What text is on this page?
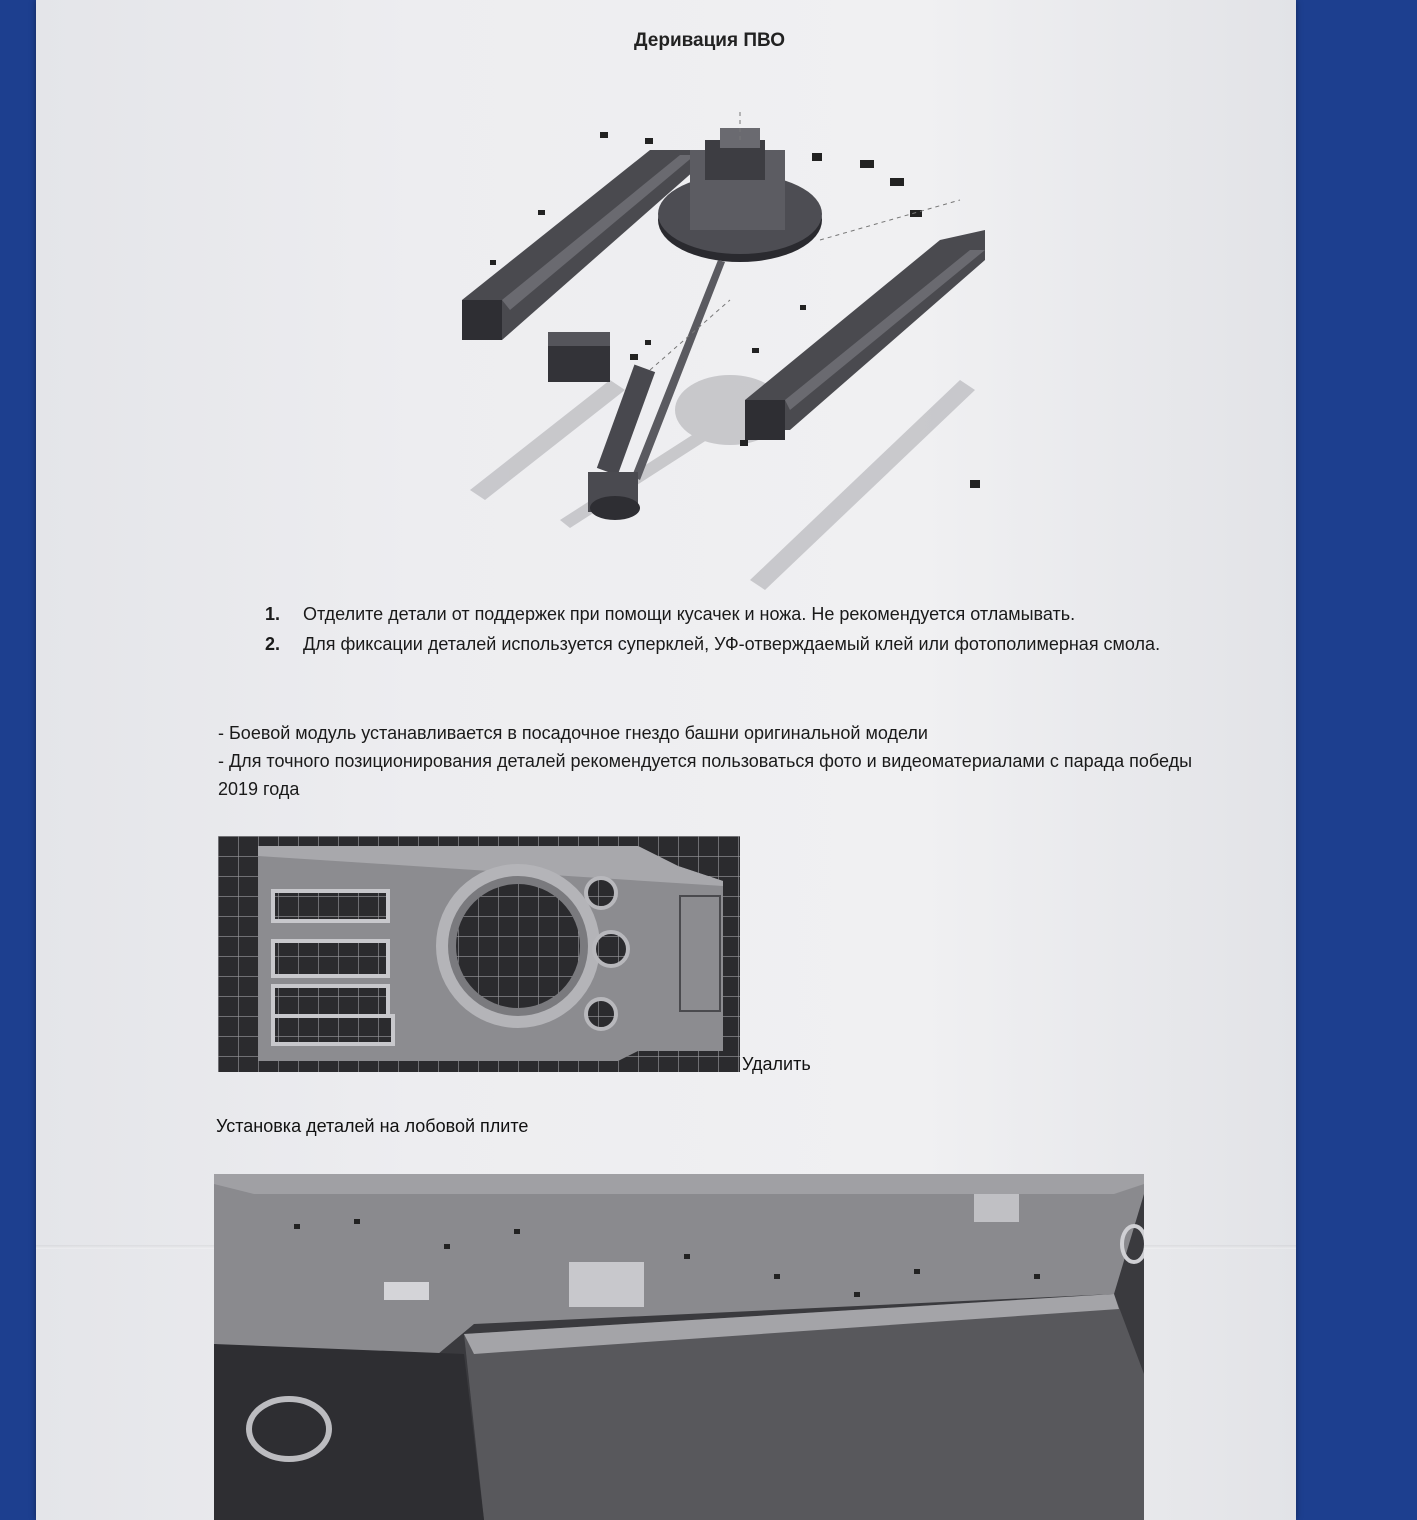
Деривация ПВО
1.	Отделите детали от поддержек при помощи кусачек и ножа. Не рекомендуется отламывать.
2.	Для фиксации деталей используется суперклей, УФ-отверждаемый клей или фотополимерная смола.
- Боевой модуль устанавливается в посадочное гнездо башни оригинальной модели
- Для точного позиционирования деталей рекомендуется пользоваться фото и видеоматериалами с парада победы 2019 года
Удалить
Установка деталей на лобовой плите
